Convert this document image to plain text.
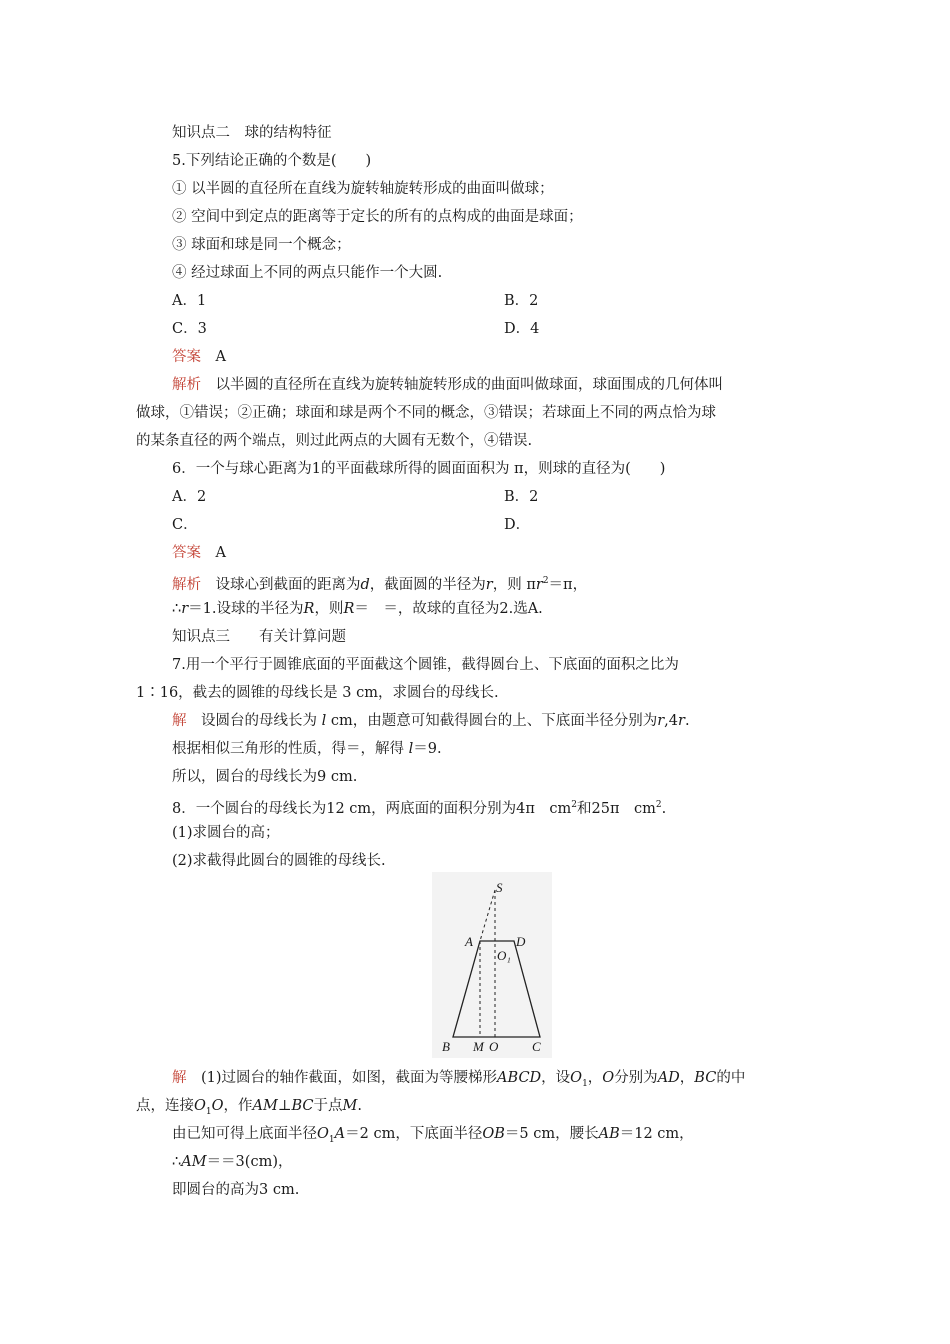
知识点二　球的结构特征
5.下列结论正确的个数是(　　)
① 以半圆的直径所在直线为旋转轴旋转形成的曲面叫做球；
② 空间中到定点的距离等于定长的所有的点构成的曲面是球面；
③ 球面和球是同一个概念；
④ 经过球面上不同的两点只能作一个大圆.
A．1	B．2
C．3	D．4
答案　 A
解析　 以半圆的直径所在直线为旋转轴旋转形成的曲面叫做球面，球面围成的几何体叫
做球，①错误；②正确；球面和球是两个不同的概念，③错误；若球面上不同的两点恰为球
的某条直径的两个端点，则过此两点的大圆有无数个，④错误.
6．一个与球心距离为1的平面截球所得的圆面面积为 π，则球的直径为(　　)
A．2	B．2
C．	D．
答案　 A
解析　 设球心到截面的距离为d，截面圆的半径为r，则 $\pi r^2=\pi$，
∴r＝1.设球的半径为R，则R＝　＝，故球的直径为2.选A.
知识点三　　有关计算问题
7.用一个平行于圆锥底面的平面截这个圆锥，截得圆台上、下底面的面积之比为
1∶16，截去的圆锥的母线长是 3 cm，求圆台的母线长.
解　 设圆台的母线长为 l cm，由题意可知截得圆台的上、下底面半径分别为r,4r.
根据相似三角形的性质，得＝，解得 l＝9.
所以，圆台的母线长为9 cm.
8．一个圆台的母线长为12 cm，两底面的面积分别为4π　$cm^2$和25π　$cm^2$.
(1)求圆台的高；
(2)求截得此圆台的圆锥的母线长.
S
A	D
O₁
B M O	C
解　 (1)过圆台的轴作截面，如图，截面为等腰梯形ABCD，设$O_1$，O分别为AD，BC的中
点，连接$O_1O$，作AM⊥BC于点M.
由已知可得上底面半径$O_1A=2$ cm，下底面半径OB＝5 cm，腰长AB＝12 cm，
∴AM＝＝3(cm)，
即圆台的高为3 cm.
